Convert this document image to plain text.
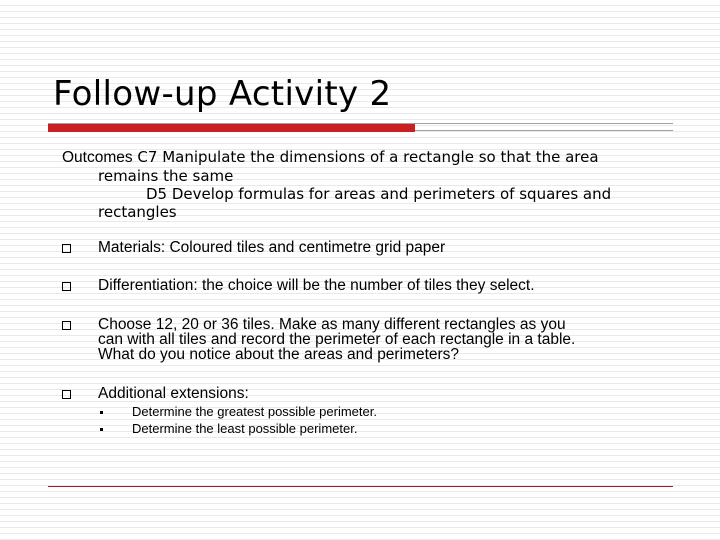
Follow-up Activity 2
Outcomes C7 Manipulate the dimensions of a rectangle so that the area
remains the same
D5 Develop formulas for areas and perimeters of squares and
rectangles
Materials: Coloured tiles and centimetre grid paper
Differentiation: the choice will be the number of tiles they select.
Choose 12, 20 or 36 tiles. Make as many different rectangles as you
can with all tiles and record the perimeter of each rectangle in a table.
What do you notice about the areas and perimeters?
Additional extensions:
Determine the greatest possible perimeter.
Determine the least possible perimeter.
